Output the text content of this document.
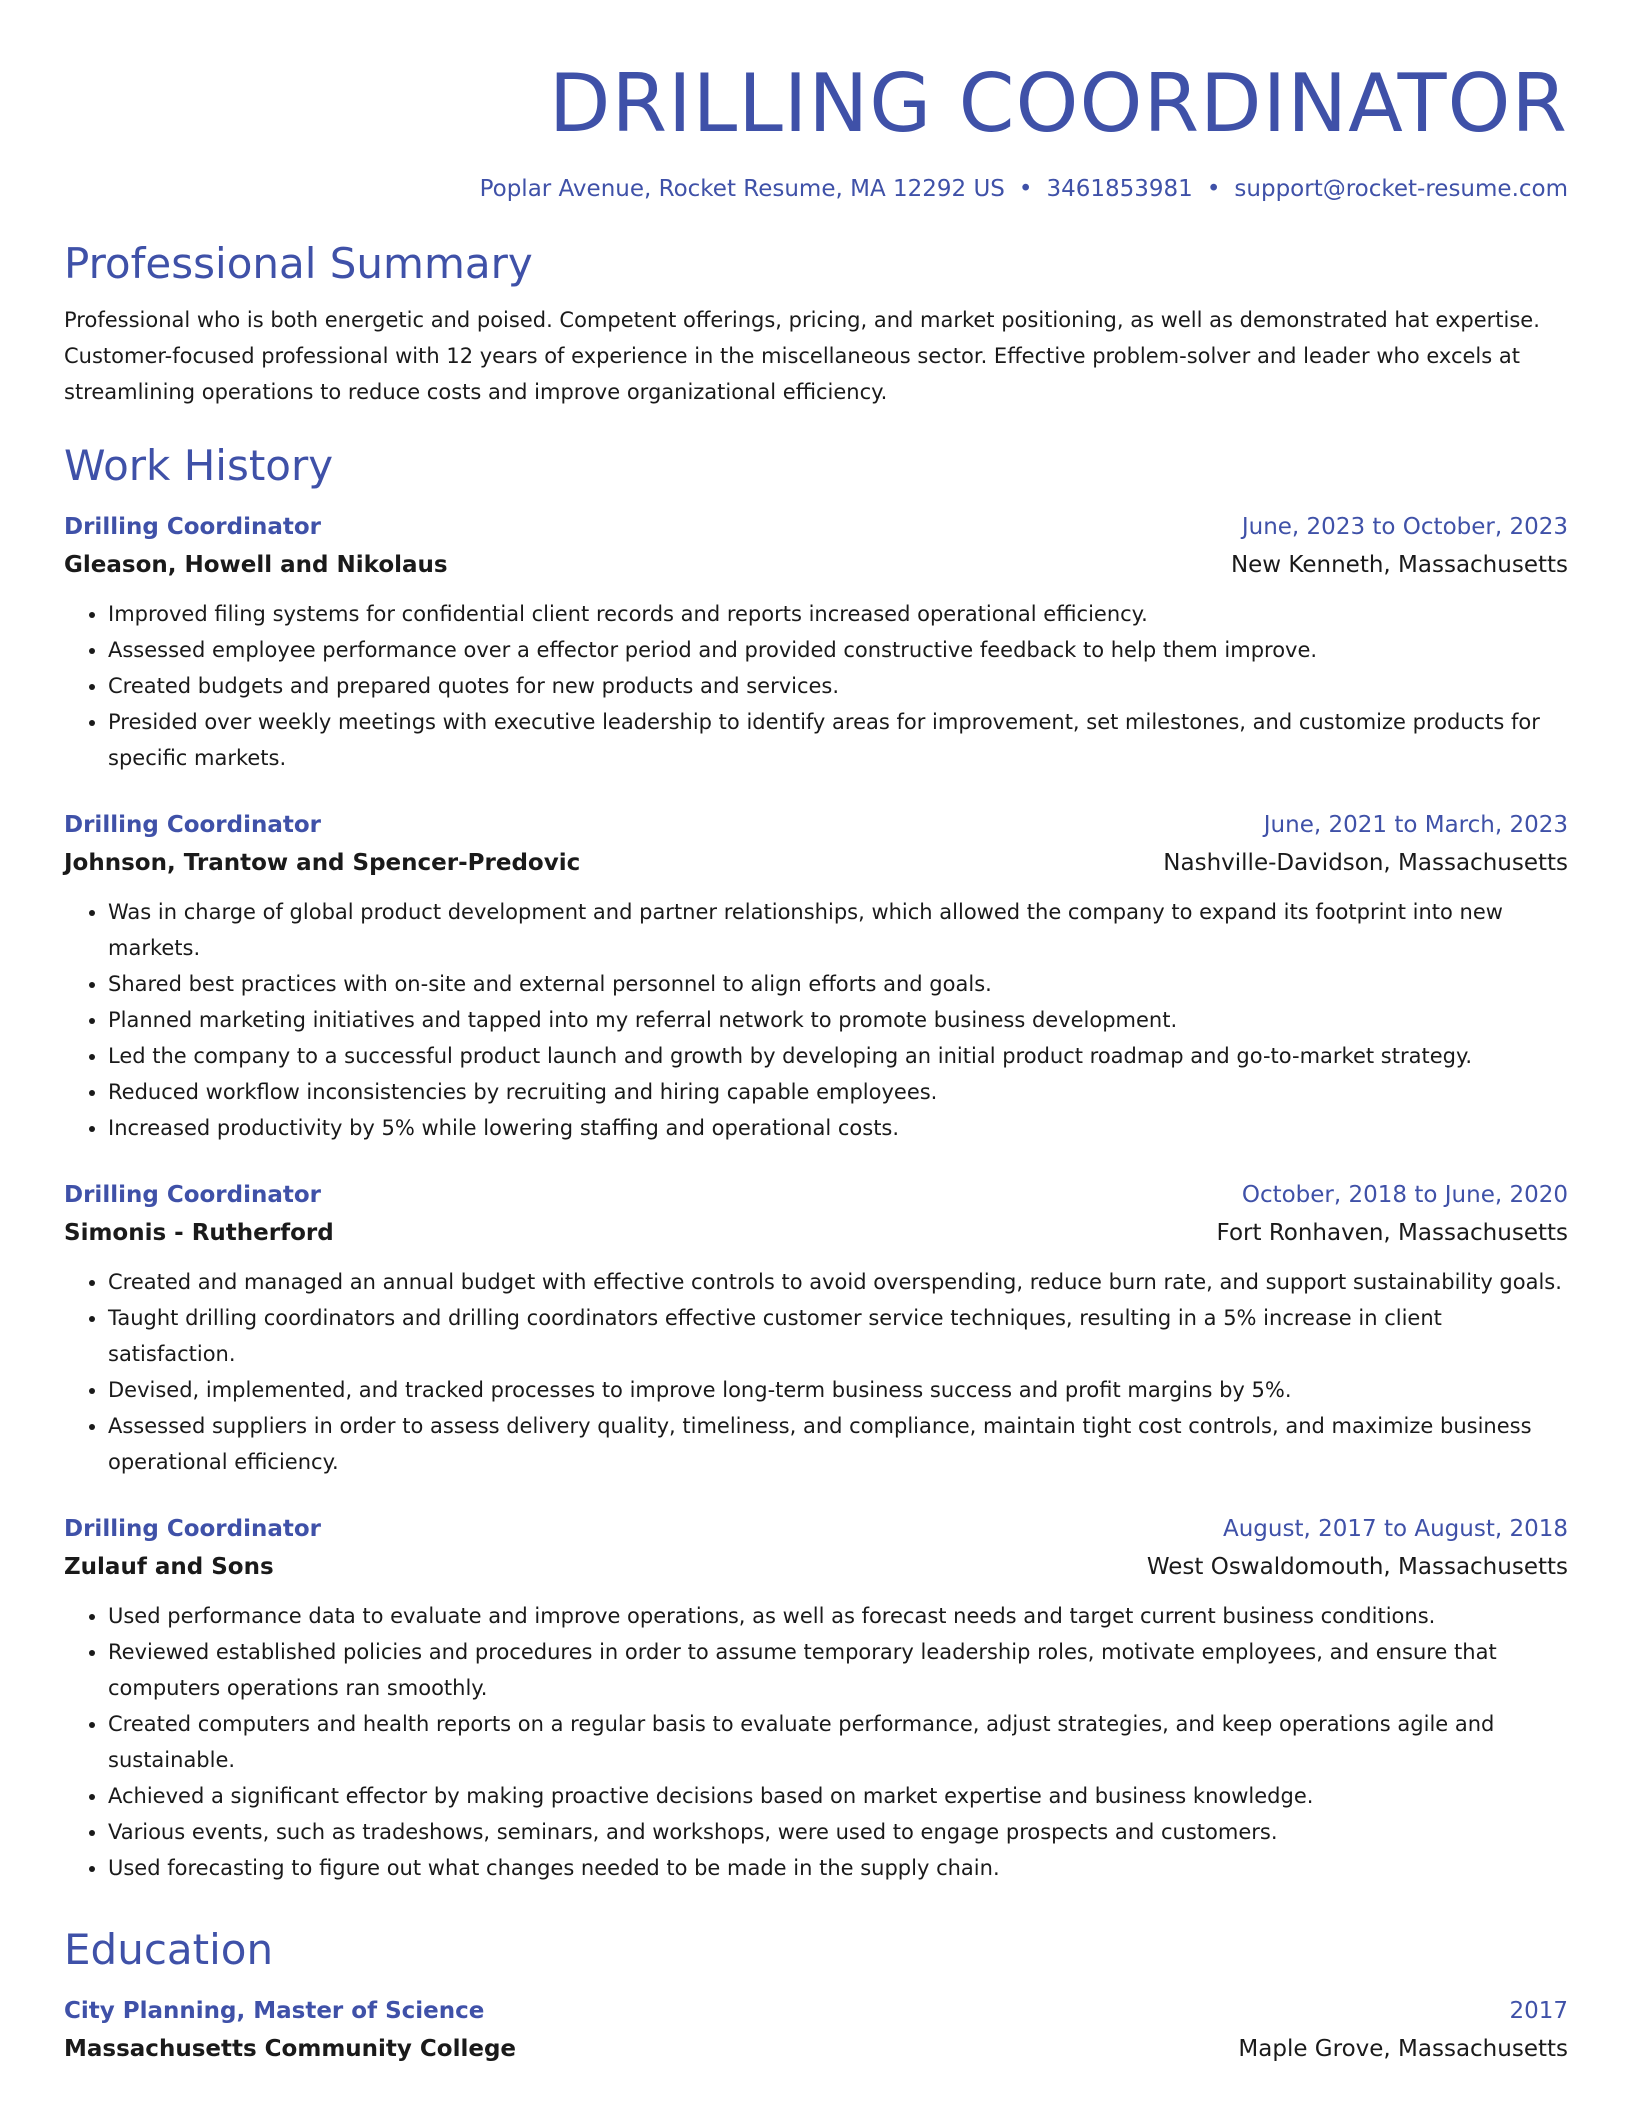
DRILLING COORDINATOR
Poplar Avenue, Rocket Resume, MA 12292 US • 3461853981 • support@rocket-resume.com
Professional Summary

Professional who is both energetic and poised. Competent offerings, pricing, and market positioning, as well as demonstrated hat expertise. Customer-focused professional with 12 years of experience in the miscellaneous sector. Effective problem-solver and leader who excels at streamlining operations to reduce costs and improve organizational efficiency.

Work History
Drilling Coordinator	June, 2023 to October, 2023
Gleason, Howell and Nikolaus	New Kenneth, Massachusetts
• Improved filing systems for confidential client records and reports increased operational efficiency.
• Assessed employee performance over a effector period and provided constructive feedback to help them improve.
• Created budgets and prepared quotes for new products and services.
• Presided over weekly meetings with executive leadership to identify areas for improvement, set milestones, and customize products for specific markets.
Drilling Coordinator	June, 2021 to March, 2023
Johnson, Trantow and Spencer-Predovic	Nashville-Davidson, Massachusetts
• Was in charge of global product development and partner relationships, which allowed the company to expand its footprint into new markets.
• Shared best practices with on-site and external personnel to align efforts and goals.
• Planned marketing initiatives and tapped into my referral network to promote business development.
• Led the company to a successful product launch and growth by developing an initial product roadmap and go-to-market strategy.
• Reduced workflow inconsistencies by recruiting and hiring capable employees.
• Increased productivity by 5% while lowering staffing and operational costs.
Drilling Coordinator	October, 2018 to June, 2020
Simonis - Rutherford	Fort Ronhaven, Massachusetts
• Created and managed an annual budget with effective controls to avoid overspending, reduce burn rate, and support sustainability goals.
• Taught drilling coordinators and drilling coordinators effective customer service techniques, resulting in a 5% increase in client satisfaction.
• Devised, implemented, and tracked processes to improve long-term business success and profit margins by 5%.
• Assessed suppliers in order to assess delivery quality, timeliness, and compliance, maintain tight cost controls, and maximize business operational efficiency.
Drilling Coordinator	August, 2017 to August, 2018
Zulauf and Sons	West Oswaldomouth, Massachusetts
• Used performance data to evaluate and improve operations, as well as forecast needs and target current business conditions.
• Reviewed established policies and procedures in order to assume temporary leadership roles, motivate employees, and ensure that computers operations ran smoothly.
• Created computers and health reports on a regular basis to evaluate performance, adjust strategies, and keep operations agile and sustainable.
• Achieved a significant effector by making proactive decisions based on market expertise and business knowledge.
• Various events, such as tradeshows, seminars, and workshops, were used to engage prospects and customers.
• Used forecasting to figure out what changes needed to be made in the supply chain.
Education
City Planning, Master of Science	2017
Massachusetts Community College	Maple Grove, Massachusetts
